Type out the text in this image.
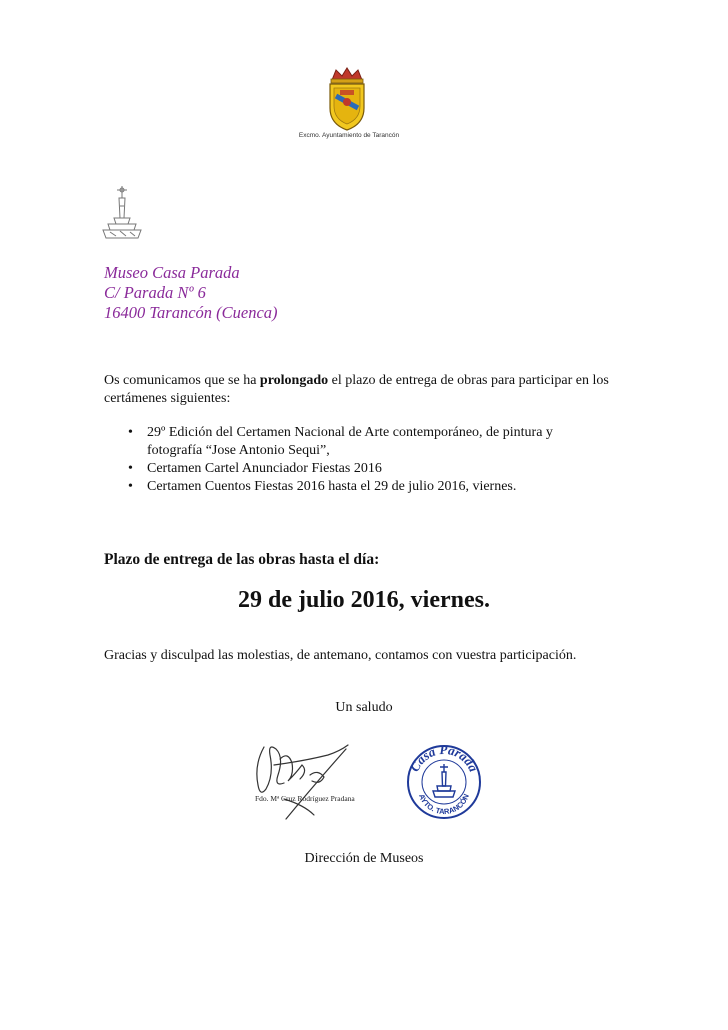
Excmo. Ayuntamiento de Tarancón
Museo Casa Parada
C/ Parada Nº 6
16400 Tarancón (Cuenca)
Os comunicamos que se ha prolongado el plazo de entrega de obras para participar en los certámenes siguientes:
• 29º Edición del Certamen Nacional de Arte contemporáneo, de pintura y fotografía “Jose Antonio Sequi”,
• Certamen Cartel Anunciador Fiestas 2016
• Certamen Cuentos Fiestas 2016 hasta el 29 de julio 2016, viernes.
Plazo de entrega de las obras hasta el día:
29 de julio 2016, viernes.
Gracias y disculpad las molestias, de antemano, contamos con vuestra participación.
Un saludo
Fdo. Mª Cruz Rodríguez Pradana
Casa Parada
AYTO. TARANCÓN
Dirección de Museos
